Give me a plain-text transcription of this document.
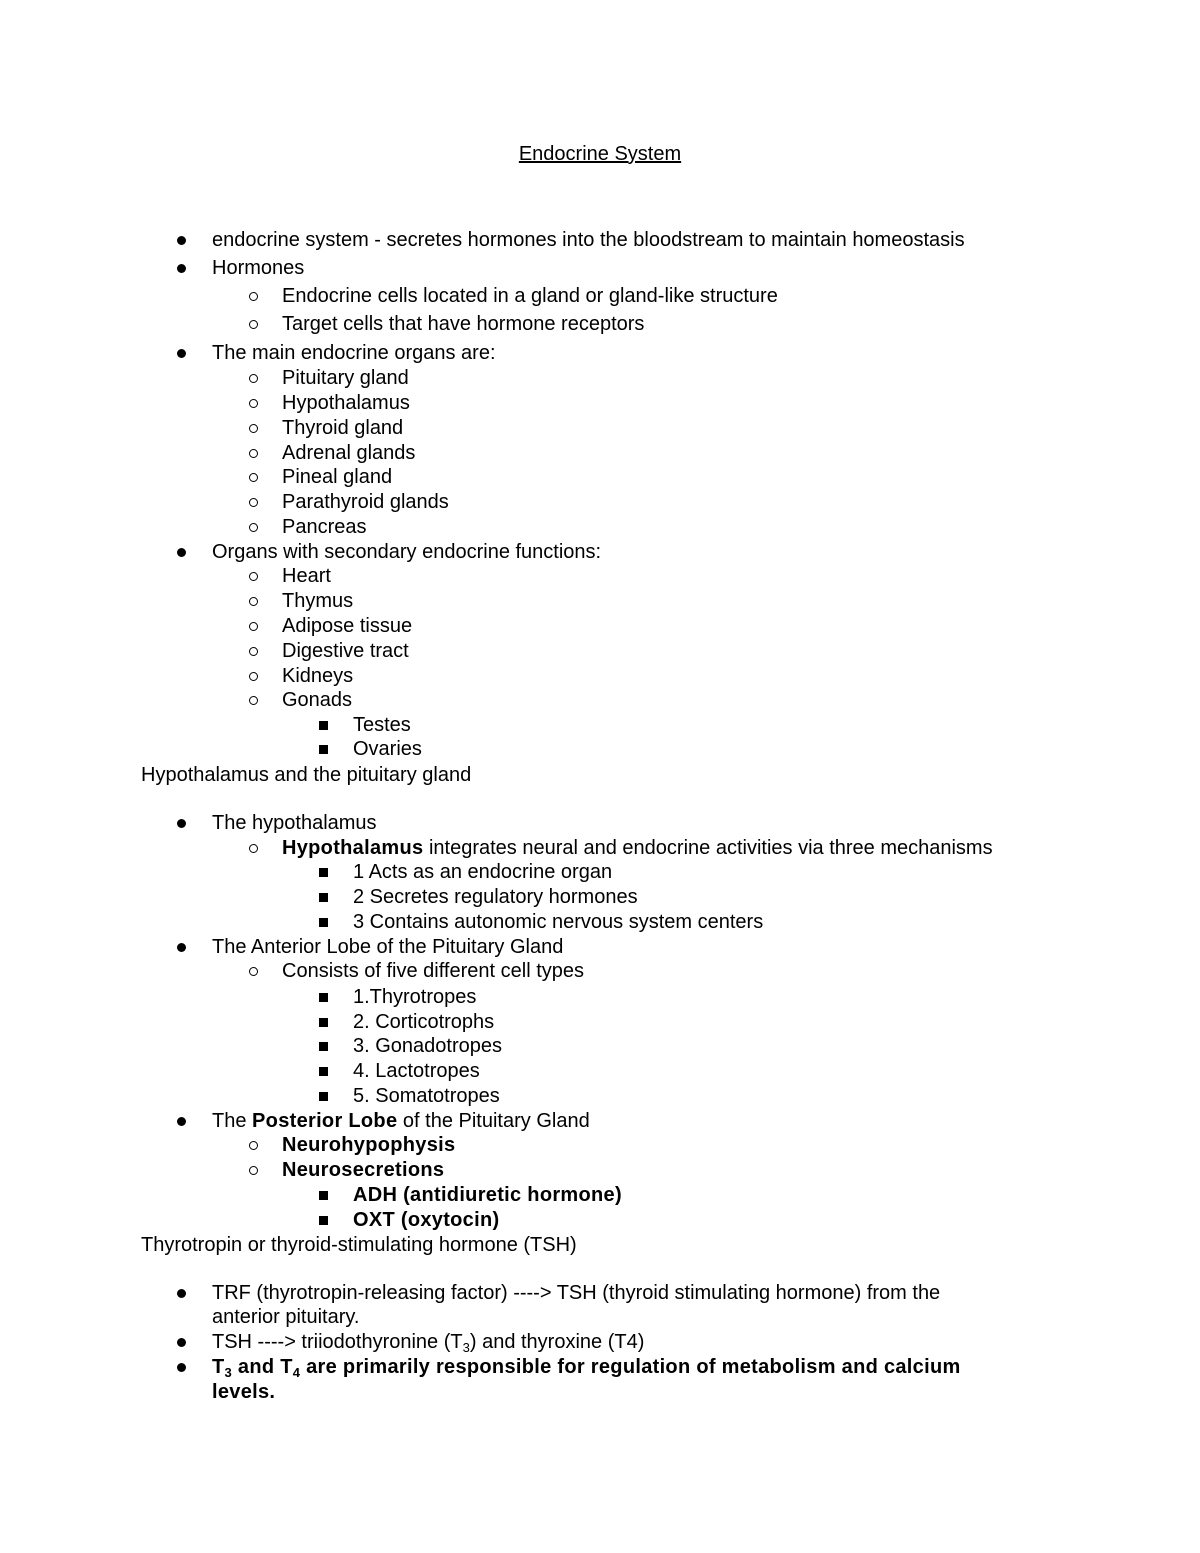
Endocrine System
endocrine system - secretes hormones into the bloodstream to maintain homeostasis
Hormones
Endocrine cells located in a gland or gland-like structure
Target cells that have hormone receptors
The main endocrine organs are:
Pituitary gland
Hypothalamus
Thyroid gland
Adrenal glands
Pineal gland
Parathyroid glands
Pancreas
Organs with secondary endocrine functions:
Heart
Thymus
Adipose tissue
Digestive tract
Kidneys
Gonads
Testes
Ovaries
Hypothalamus and the pituitary gland
The hypothalamus
Hypothalamus integrates neural and endocrine activities via three mechanisms
1 Acts as an endocrine organ
2 Secretes regulatory hormones
3 Contains autonomic nervous system centers
The Anterior Lobe of the Pituitary Gland
Consists of five different cell types
1.Thyrotropes
2. Corticotrophs
3. Gonadotropes
4. Lactotropes
5. Somatotropes
The Posterior Lobe of the Pituitary Gland
Neurohypophysis
Neurosecretions
ADH (antidiuretic hormone)
OXT (oxytocin)
Thyrotropin or thyroid-stimulating hormone (TSH)
TRF (thyrotropin-releasing factor) ----> TSH (thyroid stimulating hormone) from the
anterior pituitary.
TSH ----> triiodothyronine $(T_3)$ and thyroxine (T4)
$T_3$ and $T_4$ are primarily responsible for regulation of metabolism and calcium
levels.
